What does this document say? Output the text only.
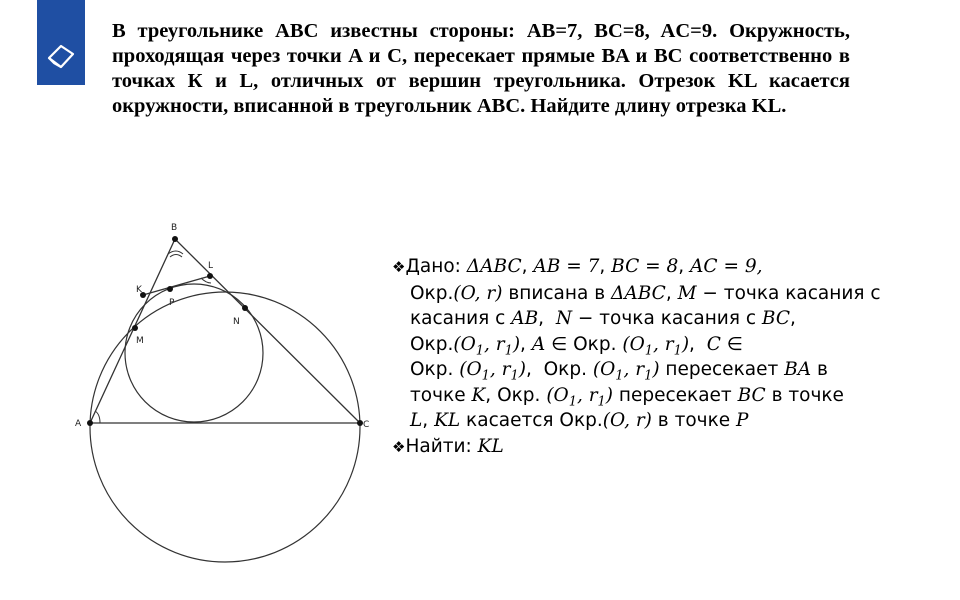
В треугольнике ABC известны стороны: AB=7, BC=8, AC=9. Окружность, проходящая через точки A и C, пересекает прямые BA и BC соответственно в точках К и L, отличных от вершин треугольника. Отрезок KL касается окружности, вписанной в треугольник ABC. Найдите длину отрезка KL.

A
B
C
K
L
M
N
P

❖Дано: ΔABC, AB = 7, BC = 8, AC = 9,

Окр.(O, r) вписана в ΔABC, M − точка касания с

касания с AB,  N − точка касания с BC,

$Окр.(O_1$, $r_1$), A ∈ Окр. ($O_1$, $r_1$),  C ∈

Окр. ($O_1$, $r_1$),  Окр. ($O_1$, $r_1$) пересекает BA в

точке K, Окр. ($O_1$, $r_1$) пересекает BC в точке

L, KL касается Окр.(O, r) в точке P

❖Найти: KL
